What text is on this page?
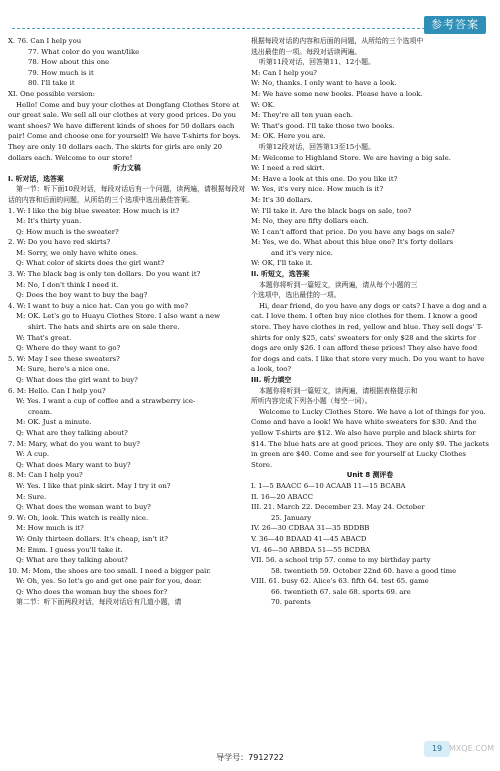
参考答案

X. 76. Can I help you

77. What color do you want/like

78. How about this one

79. How much is it

80. I'll take it

XI. One possible version:

Hello! Come and buy your clothes at Dongfang Clothes Store at our great sale. We sell all our clothes at very good prices. Do you want shoes? We have different kinds of shoes for 50 dollars each pair! Come and choose one for yourself! We have T-shirts for boys. They are only 10 dollars each. The skirts for girls are only 20 dollars each. Welcome to our store!

听力文稿

I. 听对话，选答案

第一节：听下面10段对话，每段对话后有一个问题，读两遍，请根据每段对话的内容和后面的问题，从所给的三个选项中选出最佳答案。

1. W: I like the big blue sweater. How much is it?

M: It's thirty yuan.

Q: How much is the sweater?

2. W: Do you have red skirts?

M: Sorry, we only have white ones.

Q: What color of skirts does the girl want?

3. W: The black bag is only ten dollars. Do you want it?

M: No, I don't think I need it.

Q: Does the boy want to buy the bag?

4. W: I want to buy a nice hat. Can you go with me?

M: OK. Let's go to Huayu Clothes Store. I also want a new

shirt. The hats and shirts are on sale there.

W: That's great.

Q: Where do they want to go?

5. W: May I see these sweaters?

M: Sure, here's a nice one.

Q: What does the girl want to buy?

6. M: Hello. Can I help you?

W: Yes. I want a cup of coffee and a strawberry ice-

cream.

M: OK. Just a minute.

Q: What are they talking about?

7. M: Mary, what do you want to buy?

W: A cup.

Q: What does Mary want to buy?

8. M: Can I help you?

W: Yes. I like that pink skirt. May I try it on?

M: Sure.

Q: What does the woman want to buy?

9. W: Oh, look. This watch is really nice.

M: How much is it?

W: Only thirteen dollars. It's cheap, isn't it?

M: Emm. I guess you'll take it.

Q: What are they talking about?

10. M: Mom, the shoes are too small. I need a bigger pair.

W: Oh, yes. So let's go and get one pair for you, dear.

Q: Who does the woman buy the shoes for?

第二节：听下面两段对话，每段对话后有几道小题，请

根据每段对话的内容和后面的问题，从所给的三个选项中

选出最佳的一项。每段对话读两遍。

听第11段对话，回答第11、12小题。

M: Can I help you?

W: No, thanks. I only want to have a look.

M: We have some new books. Please have a look.

W: OK.

M: They're all ten yuan each.

W: That's good. I'll take those two books.

M: OK. Here you are.

听第12段对话，回答第13至15小题。

M: Welcome to Highland Store. We are having a big sale.

W: I need a red skirt.

M: Have a look at this one. Do you like it?

W: Yes, it's very nice. How much is it?

M: It's 30 dollars.

W: I'll take it. Are the black bags on sale, too?

M: No, they are fifty dollars each.

W: I can't afford that price. Do you have any bags on sale?

M: Yes, we do. What about this blue one? It's forty dollars

and it's very nice.

W: OK, I'll take it.

II. 听短文，选答案

本题你将听到一篇短文，读两遍，请从每个小题的三

个选项中，选出最佳的一项。

Hi, dear friend, do you have any dogs or cats? I have a dog and a cat. I love them. I often buy nice clothes for them. I know a good store. They have clothes in red, yellow and blue. They sell dogs' T-shirts for only $25, cats' sweaters for only $28 and the skirts for dogs are only $26. I can afford these prices! They also have food for dogs and cats. I like that store very much. Do you want to have a look, too?

III. 听力填空

本题你将听到一篇短文，读两遍，请根据表格提示和

所听内容完成下列各小题（每空一词）。

Welcome to Lucky Clothes Store. We have a lot of things for you. Come and have a look! We have white sweaters for $30. And the yellow T-shirts are $12. We also have purple and black shirts for $14. The blue hats are at good prices. They are only $9. The jackets in green are $40. Come and see for yourself at Lucky Clothes Store.

Unit 8 测评卷

I. 1—5 BAACC 6—10 ACAAB 11—15 BCABA

II. 16—20 ABACC

III. 21. March 22. December 23. May 24. October

25. January

IV. 26—30 CDBAA 31—35 BDDBB

V. 36—40 BDAAD 41—45 ABACD

VI. 46—50 ABBDA 51—55 BCDBA

VII. 56. a school trip 57. come to my birthday party

58. twentieth 59. October 22nd 60. have a good time

VIII. 61. busy 62. Alice's 63. fifth 64. test 65. game

66. twentieth 67. sale 68. sports 69. are

70. parents

导学号：7912722
19 MXQE.COM
